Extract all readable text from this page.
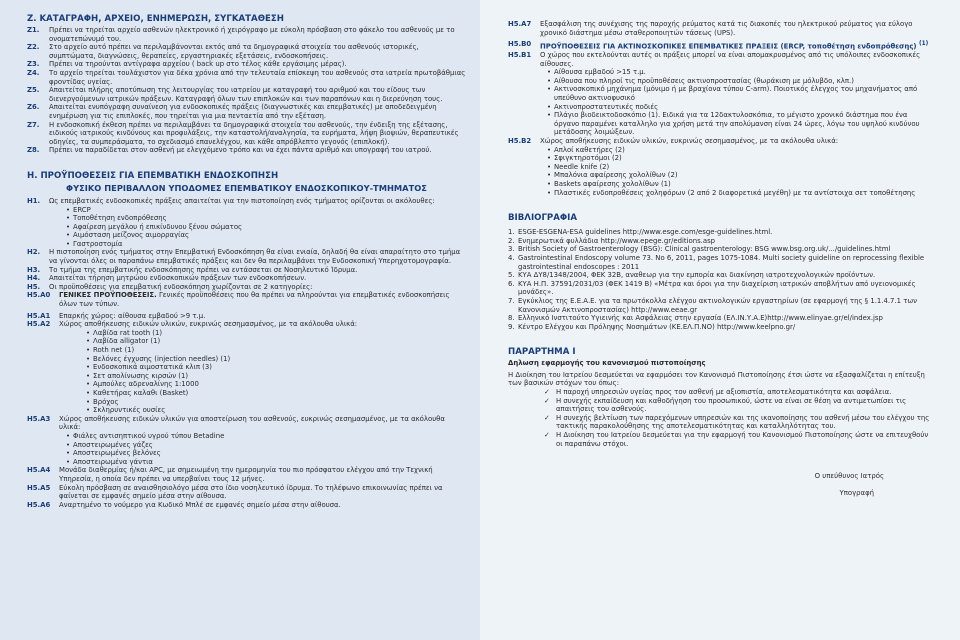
Ζ. ΚΑΤΑΓΡΑΦΗ, ΑΡΧΕΙΟ, ΕΝΗΜΕΡΩΣΗ, ΣΥΓΚΑΤΑΘΕΣΗ
Ζ1.	Πρέπει να τηρείται αρχείο ασθενών ηλεκτρονικό ή χειρόγραφο με εύκολη πρόσβαση στο φάκελο του ασθενούς με το ονοματεπώνυμό του.
Ζ2.	Στο αρχείο αυτό πρέπει να περιλαμβάνονται εκτός από τα δημογραφικά στοιχεία του ασθενούς ιστορικές, συμπτώματα, διαγνώσεις, θεραπείες, εργαστηριακές εξετάσεις, ενδοσκοπήσεις.
Ζ3.	Πρέπει να τηρούνται αντίγραφα αρχείου ( back up στο τέλος κάθε εργάσιμης μέρας).
Ζ4.	Το αρχείο τηρείται τουλάχιστον για δέκα χρόνια από την τελευταία επίσκεψη του ασθενούς στα ιατρεία πρωτοβάθμιας φροντίδας υγείας.
Ζ5.	Απαιτείται πλήρης αποτύπωση της λειτουργίας του ιατρείου με καταγραφή του αριθμού και του είδους των διενεργούμενων ιατρικών πράξεων. Καταγραφή όλων των επιπλοκών και των παραπόνων και η διερεύνηση τους.
Ζ6.	Απαιτείται ενυπόγραφη συναίνεση για ενδοσκοπικές πράξεις (διαγνωστικές και επεμβατικές) με αποδεδειγμένη ενημέρωση για τις επιπλοκές, που τηρείται για μια πενταετία από την εξέταση.
Ζ7.	Η ενδοσκοπική έκθεση πρέπει να περιλαμβάνει τα δημογραφικά στοιχεία του ασθενούς, την ένδειξη της εξέτασης, ειδικούς ιατρικούς κινδύνους και προφυλάξεις, την καταστολή/αναλγησία, τα ευρήματα, λήψη βιοψιών, θεραπευτικές οδηγίες, τα συμπεράσματα, το σχεδιασμό επανελέγχου, και κάθε απρόβλεπτο γεγονός (επιπλοκή).
Ζ8.	Πρέπει να παραδίδεται στον ασθενή με ελεγχόμενο τρόπο και να έχει πάντα αριθμό και υπογραφή του ιατρού.
Η. ΠΡΟΫΠΟΘΕΣΕΙΣ ΓΙΑ ΕΠΕΜΒΑΤΙΚΗ ΕΝΔΟΣΚΟΠΗΣΗ
ΦΥΣΙΚΟ ΠΕΡΙΒΑΛΛΟΝ ΥΠΟΔΟΜΕΣ ΕΠΕΜΒΑΤΙΚΟΥ ΕΝΔΟΣΚΟΠΙΚΟΥ-ΤΜΗΜΑΤΟΣ
Η1.	Ως επεμβατικές ενδοσκοπικές πράξεις απαιτείται για την πιστοποίηση ενός τμήματος ορίζονται οι ακόλουθες:
• ERCP
• Τοποθέτηση ενδοπρόθεσης
• Αφαίρεση μεγάλου ή επικίνδυνου ξένου σώματος
• Αιμόσταση μείζονος αιμορραγίας
• Γαστροστομία
Η2.	Η πιστοποίηση ενός τμήματος στην Επεμβατική Ενδοσκόπηση θα είναι ενιαία, δηλαδή θα είναι απαραίτητο στο τμήμα να γίνονται όλες οι παραπάνω επεμβατικές πράξεις και δεν θα περιλαμβάνει την Ενδοσκοπική Υπερηχοτομογραφία.
Η3.	Το τμήμα της επεμβατικής ενδοσκόπησης πρέπει να εντάσσεται σε Νοσηλευτικό Ίδρυμα.
Η4.	Απαιτείται τήρηση μητρώου ενδοσκοπικών πράξεων των ενδοσκοπήσεων.
Η5.	Οι προϋποθέσεις για επεμβατική ενδοσκόπηση χωρίζονται σε 2 κατηγορίες:
Η5.Α0	ΓΕΝΙΚΕΣ ΠΡΟΫΠΟΘΕΣΕΙΣ. Γενικές προϋποθέσεις που θα πρέπει να πληρούνται για επεμβατικές ενδοσκοπήσεις όλων των τύπων.
Η5.Α1	Επαρκής χώρος: αίθουσα εμβαδού >9 τ.μ.
Η5.Α2	Χώρος αποθήκευσης ειδικών υλικών, ευκρινώς σεσημασμένος, με τα ακόλουθα υλικά:
• Λαβίδα rat tooth (1)
• Λαβίδα alligator (1)
• Roth net (1)
• Βελόνες έγχυσης (injection needles) (1)
• Ενδοσκοπικά αιμοστατικά κλιπ (3)
• Σετ απολίνωσης κιρσών (1)
• Αμπούλες αδρεναλίνης 1:1000
• Καθετήρας καλαθι (Basket)
• Βρόχος
• Σκληρυντικές ουσίες
Η5.Α3	Χώρος αποθήκευσης ειδικών υλικών για αποστείρωση του ασθενούς, ευκρινώς σεσημασμένος, με τα ακόλουθα υλικά:
• Φιάλες αντισηπτικού υγρού τύπου Betadine
• Αποστειρωμένες γάζες
• Αποστειρωμένες βελόνες
• Αποστειρωμένα γάντια
Η5.Α4	Μονάδα διαθερμίας ή/και APC, με σημειωμένη την ημερομηνία του πιο πρόσφατου ελέγχου από την Τεχνική Υπηρεσία, η οποία δεν πρέπει να υπερβαίνει τους 12 μήνες.
Η5.Α5	Εύκολη πρόσβαση σε αναισθησιολόγο μέσα στο ίδιο νοσηλευτικό ίδρυμα. Το τηλέφωνο επικοινωνίας πρέπει να φαίνεται σε εμφανές σημείο μέσα στην αίθουσα.
Η5.Α6	Αναρτημένο το νούμερο για Κωδικό Μπλέ σε εμφανές σημείο μέσα στην αίθουσα.
Η5.Α7	Εξασφάλιση της συνέχισης της παροχής ρεύματος κατά τις διακοπές του ηλεκτρικού ρεύματος για εύλογο χρονικό διάστημα μέσω σταθεροποιητών τάσεως (UPS).
Η5.Β0	ΠΡΟΫΠΟΘΕΣΕΙΣ ΓΙΑ ΑΚΤΙΝΟΣΚΟΠΙΚΕΣ ΕΠΕΜΒΑΤΙΚΕΣ ΠΡΑΞΕΙΣ (ERCP, τοποθέτηση ενδοπρόθεσης) $^{(1)}$
Η5.Β1	Ο χώρος που εκτελούνται αυτές οι πράξεις μπορεί να είναι απομακρυσμένος από τις υπόλοιπες ενδοσκοπικές αίθουσες.
• Αίθουσα εμβαδού >15 τ.μ.
• Αίθουσα που πληροί τις προϋποθέσεις ακτινοπροστασίας (θωράκιση με μόλυβδο, κλπ.)
• Ακτινοσκοπικό μηχάνημα (μόνιμο ή με βραχίονα τύπου C-arm). Ποιοτικός έλεγχος του μηχανήματος από υπεύθυνο ακτινοφυσικό
• Ακτινοπροστατευτικές ποδιές
• Πλάγιο βιοδεικτοδοσκόπιο (1). Ειδικά για τα 12δακτυλοσκόπια, το μέγιστο χρονικό διάστημα που ένα όργανο παραμένει καταλληλο για χρήση μετά την απολύμανση είναι 24 ώρες, λόγω του υψηλού κινδύνου μετάδοσης λοιμώξεων.
Η5.Β2	Χώρος αποθήκευσης ειδικών υλικών, ευκρινώς σεσημασμένος, με τα ακόλουθα υλικά:
• Απλοί καθετήρες (2)
• Σφιγκτηροτόμοι (2)
• Needle knife (2)
• Μπαλόνια αφαίρεσης χολολίθων (2)
• Baskets αφαίρεσης χολολίθων (1)
• Πλαστικές ενδοπροθέσεις χοληφόρων (2 από 2 διαφορετικά μεγέθη) με τα αντίστοιχα σετ τοποθέτησης
ΒΙΒΛΙΟΓΡΑΦΙΑ
1. ESGE-ESGENA-ESA guidelines http://www.esge.com/esge-guidelines.html.
2. Ενημερωτικά φυλλάδια http://www.epege.gr/editions.asp
3. British Society of Gastroenterology (BSG): Clinical gastroenterology: BSG www.bsg.org.uk/.../guidelines.html
4. Gastrointestinal Endoscopy volume 73. No 6, 2011, pages 1075-1084. Multi society guideline on reprocessing flexible gastrointestinal endoscopes : 2011
5. ΚΥΑ ΔΥ8/1348/2004, ΦΕΚ 32Β, αναθεωρ για την εμπορία και διακίνηση ιατροτεχνολογικών προϊόντων.
6. ΚΥΑ Η.Π. 37591/2031/03 (ΦΕΚ 1419 Β) «Μέτρα και όροι για την διαχείριση ιατρικών αποβλήτων από υγειονομικές μονάδες».
7. Εγκύκλιος της Ε.Ε.Α.Ε. για τα πρωτόκολλα ελέγχου ακτινολογικών εργαστηρίων (σε εφαρμογή της § 1.1.4.7.1 των Κανονισμών Ακτινοπροστασίας) http://www.eeae.gr
8. Ελληνικό Ινστιτούτο Υγιεινής και Ασφάλειας στην εργασία (ΕΛ.ΙΝ.Υ.Α.Ε)http://www.elinyae.gr/el/index.jsp
9. Κέντρο Ελέγχου και Πρόληψης Νοσημάτων (ΚΕ.ΕΛ.Π.ΝΟ) http://www.keelpno.gr/
ΠΑΡΑΡΤΗΜΑ Ι
Δηλωση εφαρμογής του κανονισμού πιστοποίησης
Η Διοίκηση του Ιατρείου δεσμεύεται να εφαρμόσει τον Κανονισμό Πιστοποίησης έτσι ώστε να εξασφαλίζεται η επίτευξη των βασικών στόχων του όπως:
✓ Η παροχή υπηρεσιών υγείας προς τον ασθενή με αξιοπιστία, αποτελεσματικότητα και ασφάλεια.
✓ Η συνεχής εκπαίδευση και καθοδήγηση του προσωπικού, ώστε να είναι σε θέση να αντιμετωπίσει τις απαιτήσεις του ασθενούς.
✓ Η συνεχής βελτίωση των παρεχόμενων υπηρεσιών και της ικανοποίησης του ασθενή μέσω του ελέγχου της τακτικής παρακολούθησης της αποτελεσματικότητας και καταλληλότητας του.
✓ Η Διοίκηση του Ιατρείου δεσμεύεται για την εφαρμογή του Κανονισμού Πιστοποίησης ώστε να επιτευχθούν οι παραπάνω στόχοι.
Ο υπεύθυνος Ιατρός
Υπογραφή
